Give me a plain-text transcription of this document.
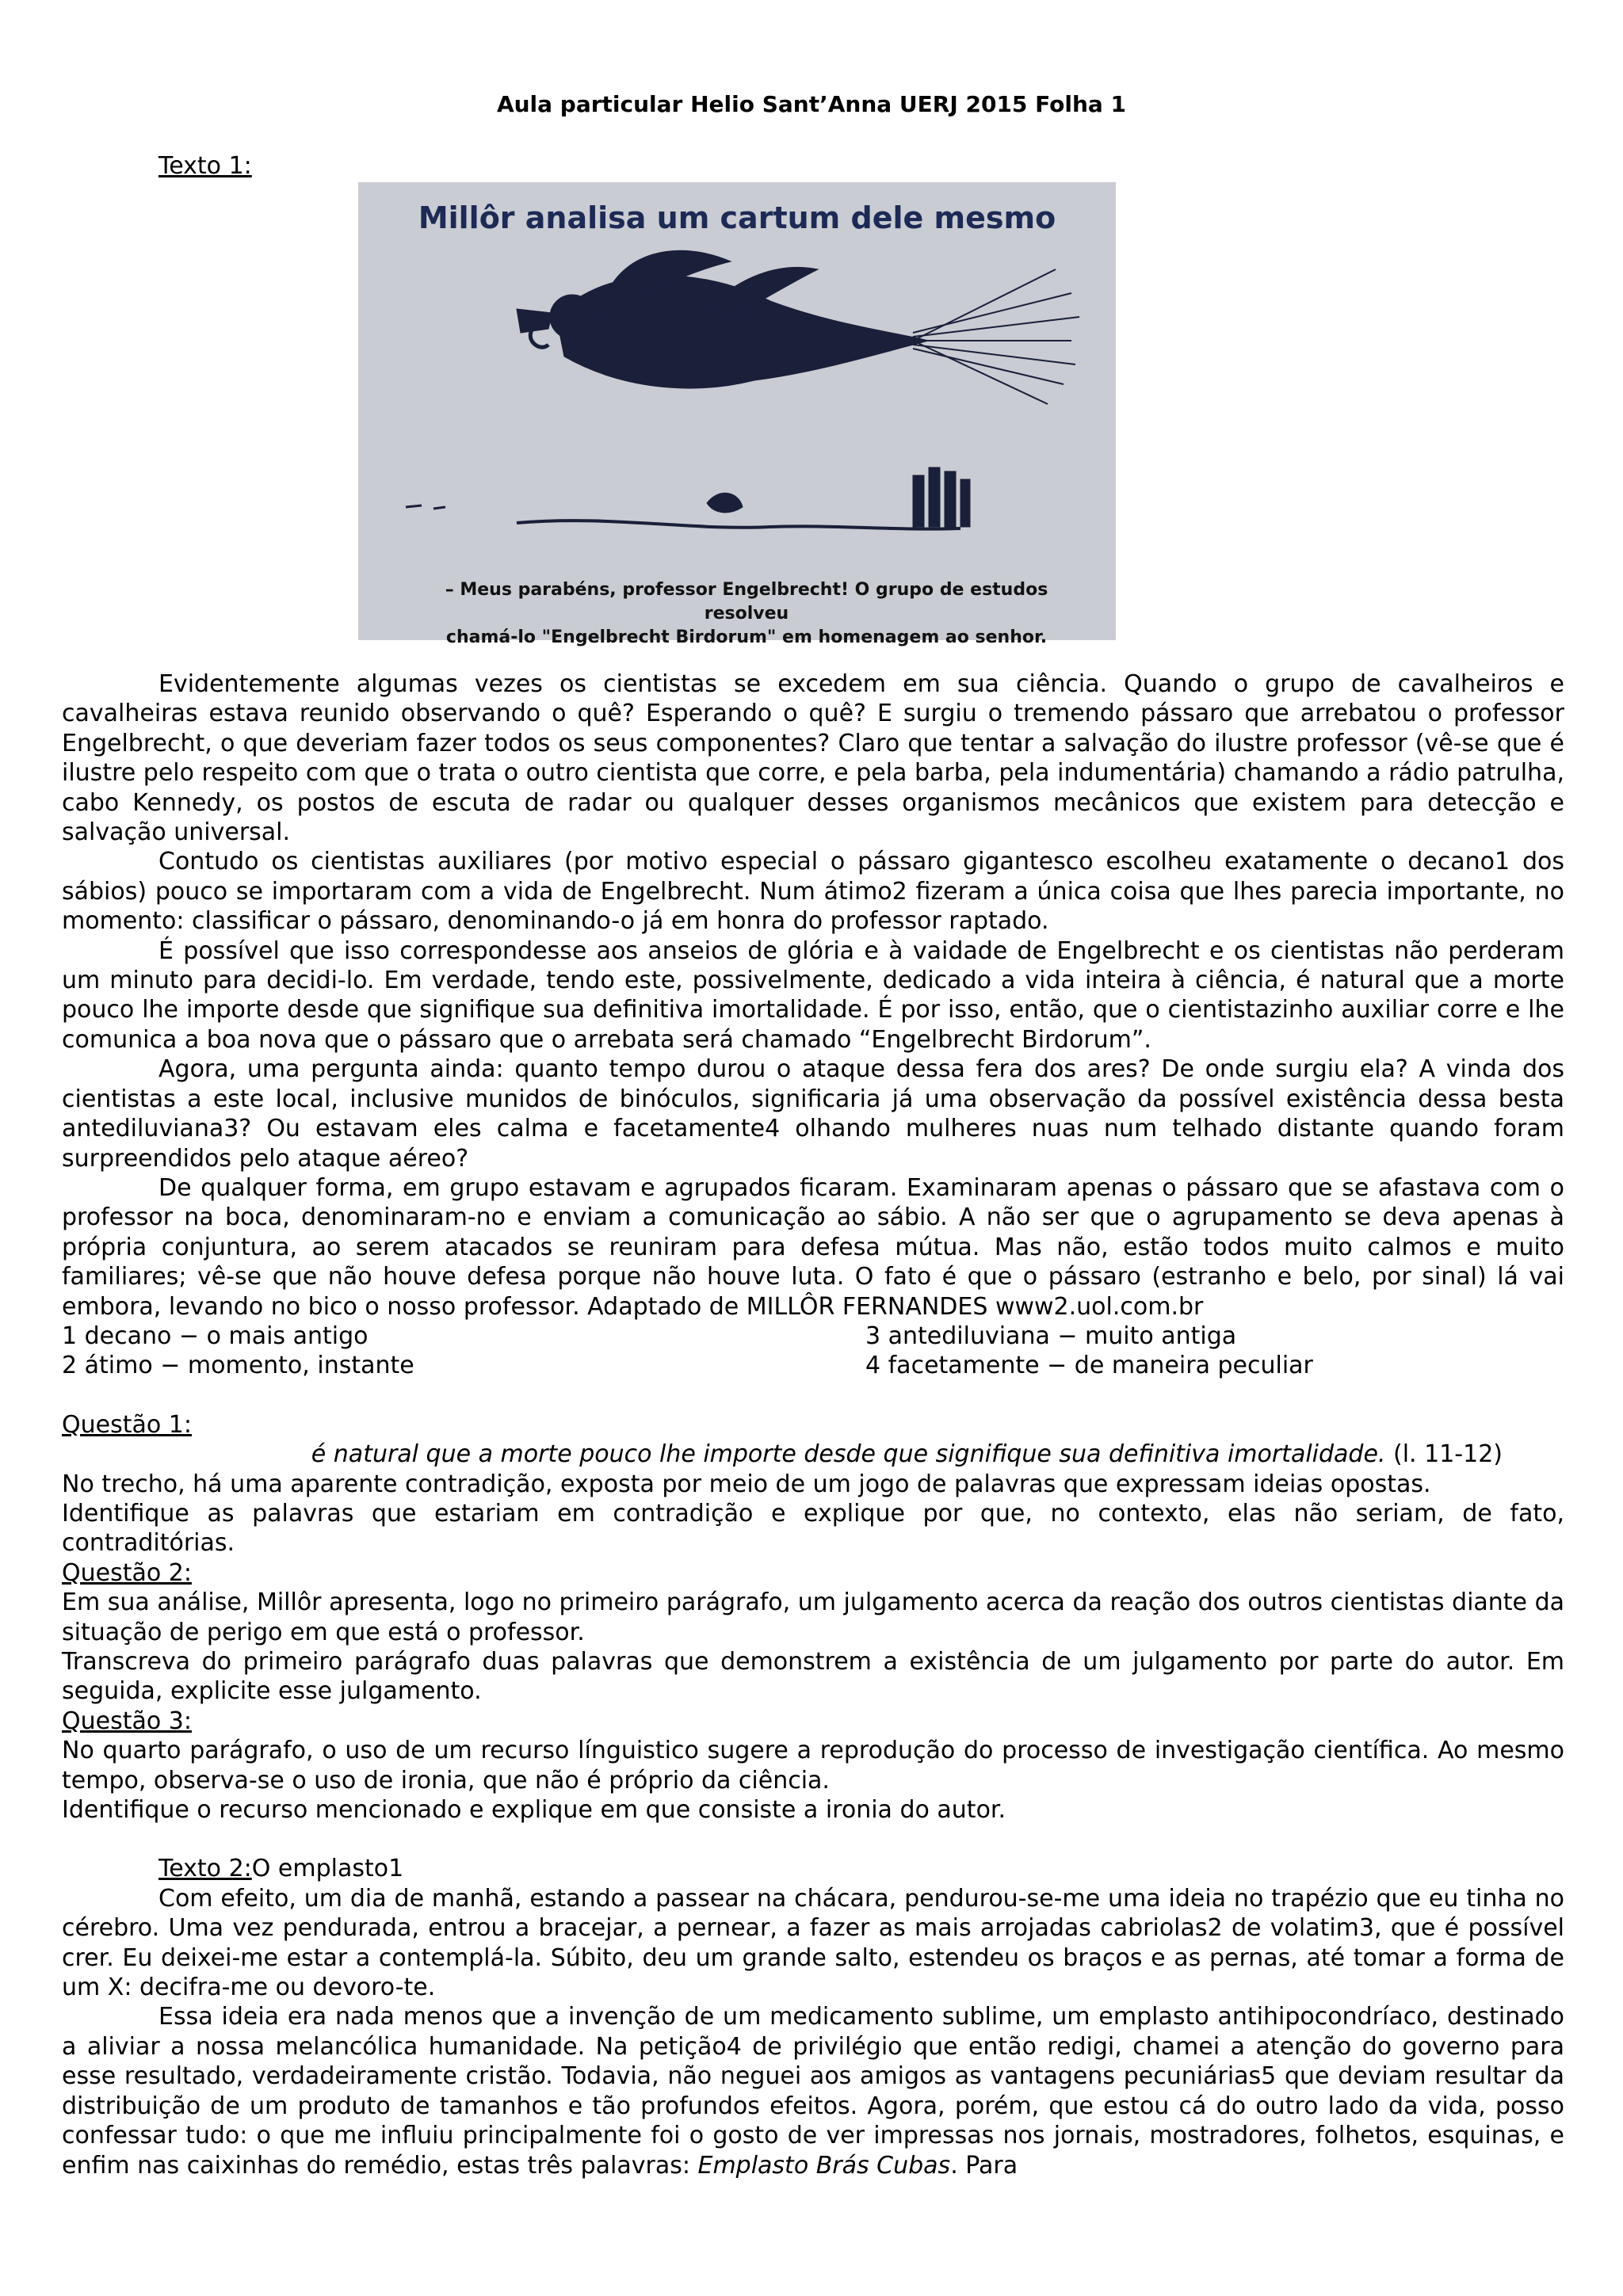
Aula particular Helio Sant’Anna UERJ 2015 Folha 1
Texto 1:
Millôr analisa um cartum dele mesmo
– Meus parabéns, professor Engelbrecht! O grupo de estudos resolveu
chamá-lo "Engelbrecht Birdorum" em homenagem ao senhor.

Evidentemente algumas vezes os cientistas se excedem em sua ciência. Quando o grupo de cavalheiros e cavalheiras estava reunido observando o quê? Esperando o quê? E surgiu o tremendo pássaro que arrebatou o professor Engelbrecht, o que deveriam fazer todos os seus componentes? Claro que tentar a salvação do ilustre professor (vê-se que é ilustre pelo respeito com que o trata o outro cientista que corre, e pela barba, pela indumentária) chamando a rádio patrulha, cabo Kennedy, os postos de escuta de radar ou qualquer desses organismos mecânicos que existem para detecção e salvação universal.

Contudo os cientistas auxiliares (por motivo especial o pássaro gigantesco escolheu exatamente o decano1 dos sábios) pouco se importaram com a vida de Engelbrecht. Num átimo2 fizeram a única coisa que lhes parecia importante, no momento: classificar o pássaro, denominando-o já em honra do professor raptado.

É possível que isso correspondesse aos anseios de glória e à vaidade de Engelbrecht e os cientistas não perderam um minuto para decidi-lo. Em verdade, tendo este, possivelmente, dedicado a vida inteira à ciência, é natural que a morte pouco lhe importe desde que signifique sua definitiva imortalidade. É por isso, então, que o cientistazinho auxiliar corre e lhe comunica a boa nova que o pássaro que o arrebata será chamado “Engelbrecht Birdorum”.

Agora, uma pergunta ainda: quanto tempo durou o ataque dessa fera dos ares? De onde surgiu ela? A vinda dos cientistas a este local, inclusive munidos de binóculos, significaria já uma observação da possível existência dessa besta antediluviana3? Ou estavam eles calma e facetamente4 olhando mulheres nuas num telhado distante quando foram surpreendidos pelo ataque aéreo?

De qualquer forma, em grupo estavam e agrupados ficaram. Examinaram apenas o pássaro que se afastava com o professor na boca, denominaram-no e enviam a comunicação ao sábio. A não ser que o agrupamento se deva apenas à própria conjuntura, ao serem atacados se reuniram para defesa mútua. Mas não, estão todos muito calmos e muito familiares; vê-se que não houve defesa porque não houve luta. O fato é que o pássaro (estranho e belo, por sinal) lá vai embora, levando no bico o nosso professor. Adaptado de MILLÔR FERNANDES www2.uol.com.br

1 decano − o mais antigo	3 antediluviana − muito antiga
2 átimo − momento, instante	4 facetamente − de maneira peculiar
Questão 1:
é natural que a morte pouco lhe importe desde que signifique sua definitiva imortalidade. (l. 11-12)

No trecho, há uma aparente contradição, exposta por meio de um jogo de palavras que expressam ideias opostas.

Identifique as palavras que estariam em contradição e explique por que, no contexto, elas não seriam, de fato, contraditórias.

Questão 2:

Em sua análise, Millôr apresenta, logo no primeiro parágrafo, um julgamento acerca da reação dos outros cientistas diante da situação de perigo em que está o professor.

Transcreva do primeiro parágrafo duas palavras que demonstrem a existência de um julgamento por parte do autor. Em seguida, explicite esse julgamento.

Questão 3:

No quarto parágrafo, o uso de um recurso línguistico sugere a reprodução do processo de investigação científica. Ao mesmo tempo, observa-se o uso de ironia, que não é próprio da ciência.

Identifique o recurso mencionado e explique em que consiste a ironia do autor.

Texto 2:O emplasto1

Com efeito, um dia de manhã, estando a passear na chácara, pendurou-se-me uma ideia no trapézio que eu tinha no cérebro. Uma vez pendurada, entrou a bracejar, a pernear, a fazer as mais arrojadas cabriolas2 de volatim3, que é possível crer. Eu deixei-me estar a contemplá-la. Súbito, deu um grande salto, estendeu os braços e as pernas, até tomar a forma de um X: decifra-me ou devoro-te.

Essa ideia era nada menos que a invenção de um medicamento sublime, um emplasto antihipocondríaco, destinado a aliviar a nossa melancólica humanidade. Na petição4 de privilégio que então redigi, chamei a atenção do governo para esse resultado, verdadeiramente cristão. Todavia, não neguei aos amigos as vantagens pecuniárias5 que deviam resultar da distribuição de um produto de tamanhos e tão profundos efeitos. Agora, porém, que estou cá do outro lado da vida, posso confessar tudo: o que me influiu principalmente foi o gosto de ver impressas nos jornais, mostradores, folhetos, esquinas, e enfim nas caixinhas do remédio, estas três palavras: Emplasto Brás Cubas. Para
